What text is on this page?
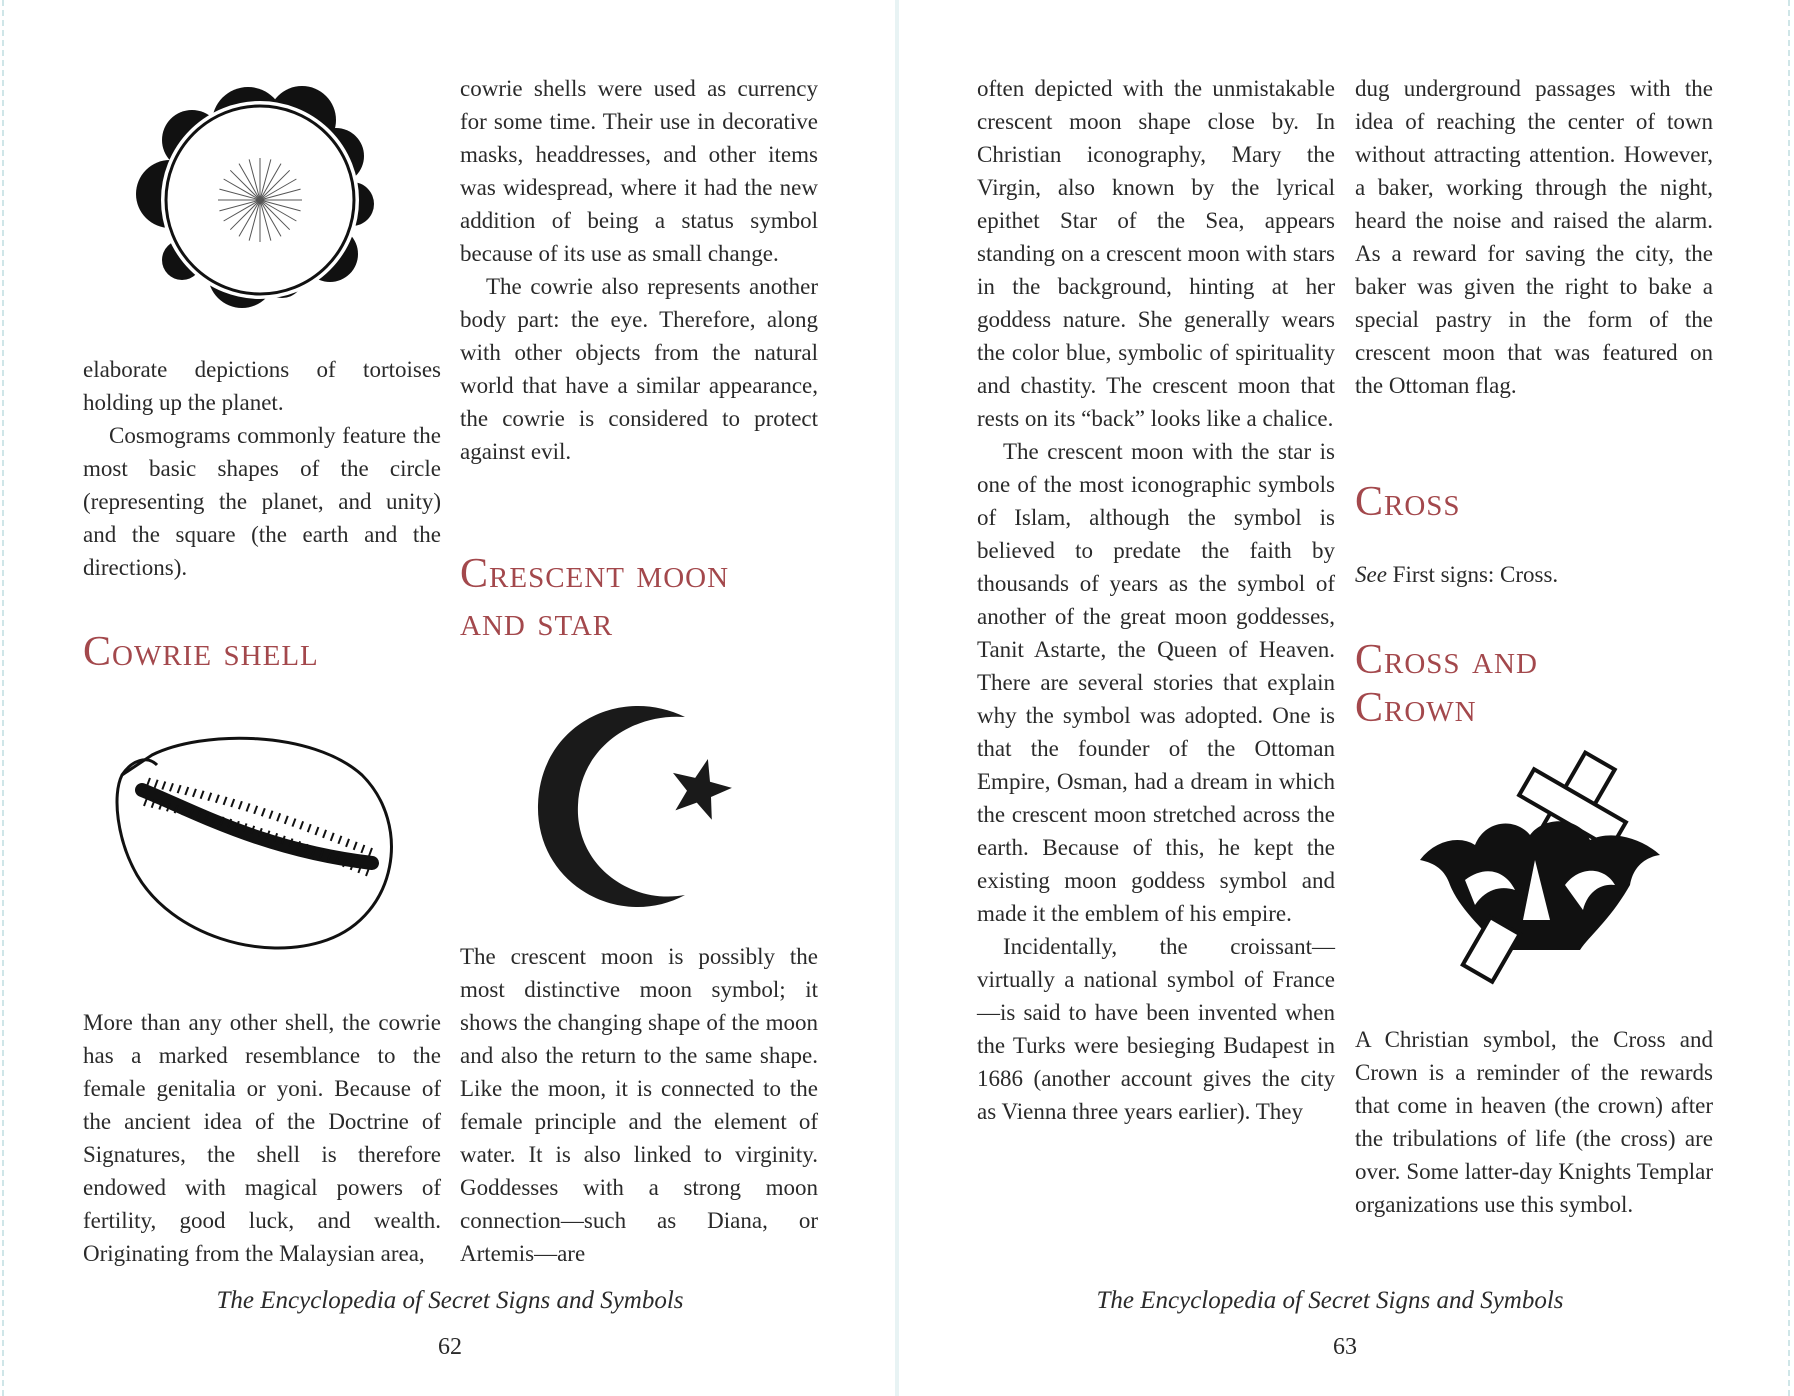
elaborate depictions of tortoises holding up the planet.

Cosmograms commonly feature the most basic shapes of the circle (representing the planet, and unity) and the square (the earth and the directions).

Cowrie shell

More than any other shell, the cowrie has a marked resemblance to the female genitalia or yoni. Because of the ancient idea of the Doctrine of Signatures, the shell is therefore endowed with magical powers of fertility, good luck, and wealth. Originating from the Malaysian area,

cowrie shells were used as currency for some time. Their use in decorative masks, headdresses, and other items was widespread, where it had the new addition of being a status symbol because of its use as small change.

The cowrie also represents another body part: the eye. Therefore, along with other objects from the natural world that have a similar appearance, the cowrie is considered to protect against evil.

Crescent moon
and star

The crescent moon is possibly the most distinctive moon symbol; it shows the changing shape of the moon and also the return to the same shape. Like the moon, it is connected to the female principle and the element of water. It is also linked to virginity. Goddesses with a strong moon connection—such as Diana, or Artemis—are

The Encyclopedia of Secret Signs and Symbols
62

often depicted with the unmistakable crescent moon shape close by. In Christian iconography, Mary the Virgin, also known by the lyrical epithet Star of the Sea, appears standing on a crescent moon with stars in the background, hinting at her goddess nature. She generally wears the color blue, symbolic of spirituality and chastity. The crescent moon that rests on its “back” looks like a chalice.

The crescent moon with the star is one of the most iconographic symbols of Islam, although the symbol is believed to predate the faith by thousands of years as the symbol of another of the great moon goddesses, Tanit Astarte, the Queen of Heaven. There are several stories that explain why the symbol was adopted. One is that the founder of the Ottoman Empire, Osman, had a dream in which the crescent moon stretched across the earth. Because of this, he kept the existing moon goddess symbol and made it the emblem of his empire.

Incidentally, the croissant—virtually a national symbol of France—is said to have been invented when the Turks were besieging Budapest in 1686 (another account gives the city as Vienna three years earlier). They

dug underground passages with the idea of reaching the center of town without attracting attention. However, a baker, working through the night, heard the noise and raised the alarm. As a reward for saving the city, the baker was given the right to bake a special pastry in the form of the crescent moon that was featured on the Ottoman flag.

Cross
See First signs: Cross.
Cross and
Crown

A Christian symbol, the Cross and Crown is a reminder of the rewards that come in heaven (the crown) after the tribulations of life (the cross) are over. Some latter-day Knights Templar organizations use this symbol.

The Encyclopedia of Secret Signs and Symbols
63
